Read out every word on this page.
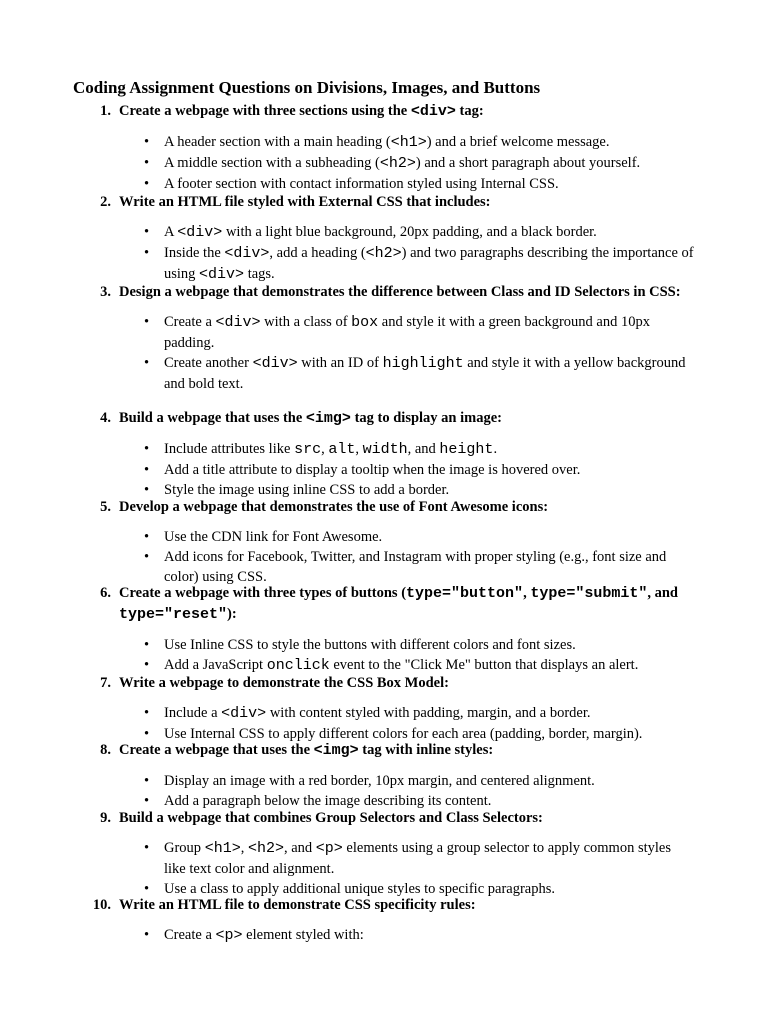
Coding Assignment Questions on Divisions, Images, and Buttons
1. Create a webpage with three sections using the <div> tag:
• A header section with a main heading (<h1>) and a brief welcome message.
• A middle section with a subheading (<h2>) and a short paragraph about yourself.
• A footer section with contact information styled using Internal CSS.
2. Write an HTML file styled with External CSS that includes:
• A <div> with a light blue background, 20px padding, and a black border.
• Inside the <div>, add a heading (<h2>) and two paragraphs describing the importance of using <div> tags.
3. Design a webpage that demonstrates the difference between Class and ID Selectors in CSS:
• Create a <div> with a class of box and style it with a green background and 10px padding.
• Create another <div> with an ID of highlight and style it with a yellow background and bold text.
4. Build a webpage that uses the <img> tag to display an image:
• Include attributes like src, alt, width, and height.
• Add a title attribute to display a tooltip when the image is hovered over.
• Style the image using inline CSS to add a border.
5. Develop a webpage that demonstrates the use of Font Awesome icons:
• Use the CDN link for Font Awesome.
• Add icons for Facebook, Twitter, and Instagram with proper styling (e.g., font size and color) using CSS.
6. Create a webpage with three types of buttons (type="button", type="submit", and type="reset"):
• Use Inline CSS to style the buttons with different colors and font sizes.
• Add a JavaScript onclick event to the "Click Me" button that displays an alert.
7. Write a webpage to demonstrate the CSS Box Model:
• Include a <div> with content styled with padding, margin, and a border.
• Use Internal CSS to apply different colors for each area (padding, border, margin).
8. Create a webpage that uses the <img> tag with inline styles:
• Display an image with a red border, 10px margin, and centered alignment.
• Add a paragraph below the image describing its content.
9. Build a webpage that combines Group Selectors and Class Selectors:
• Group <h1>, <h2>, and <p> elements using a group selector to apply common styles like text color and alignment.
• Use a class to apply additional unique styles to specific paragraphs.
10. Write an HTML file to demonstrate CSS specificity rules:
• Create a <p> element styled with:
